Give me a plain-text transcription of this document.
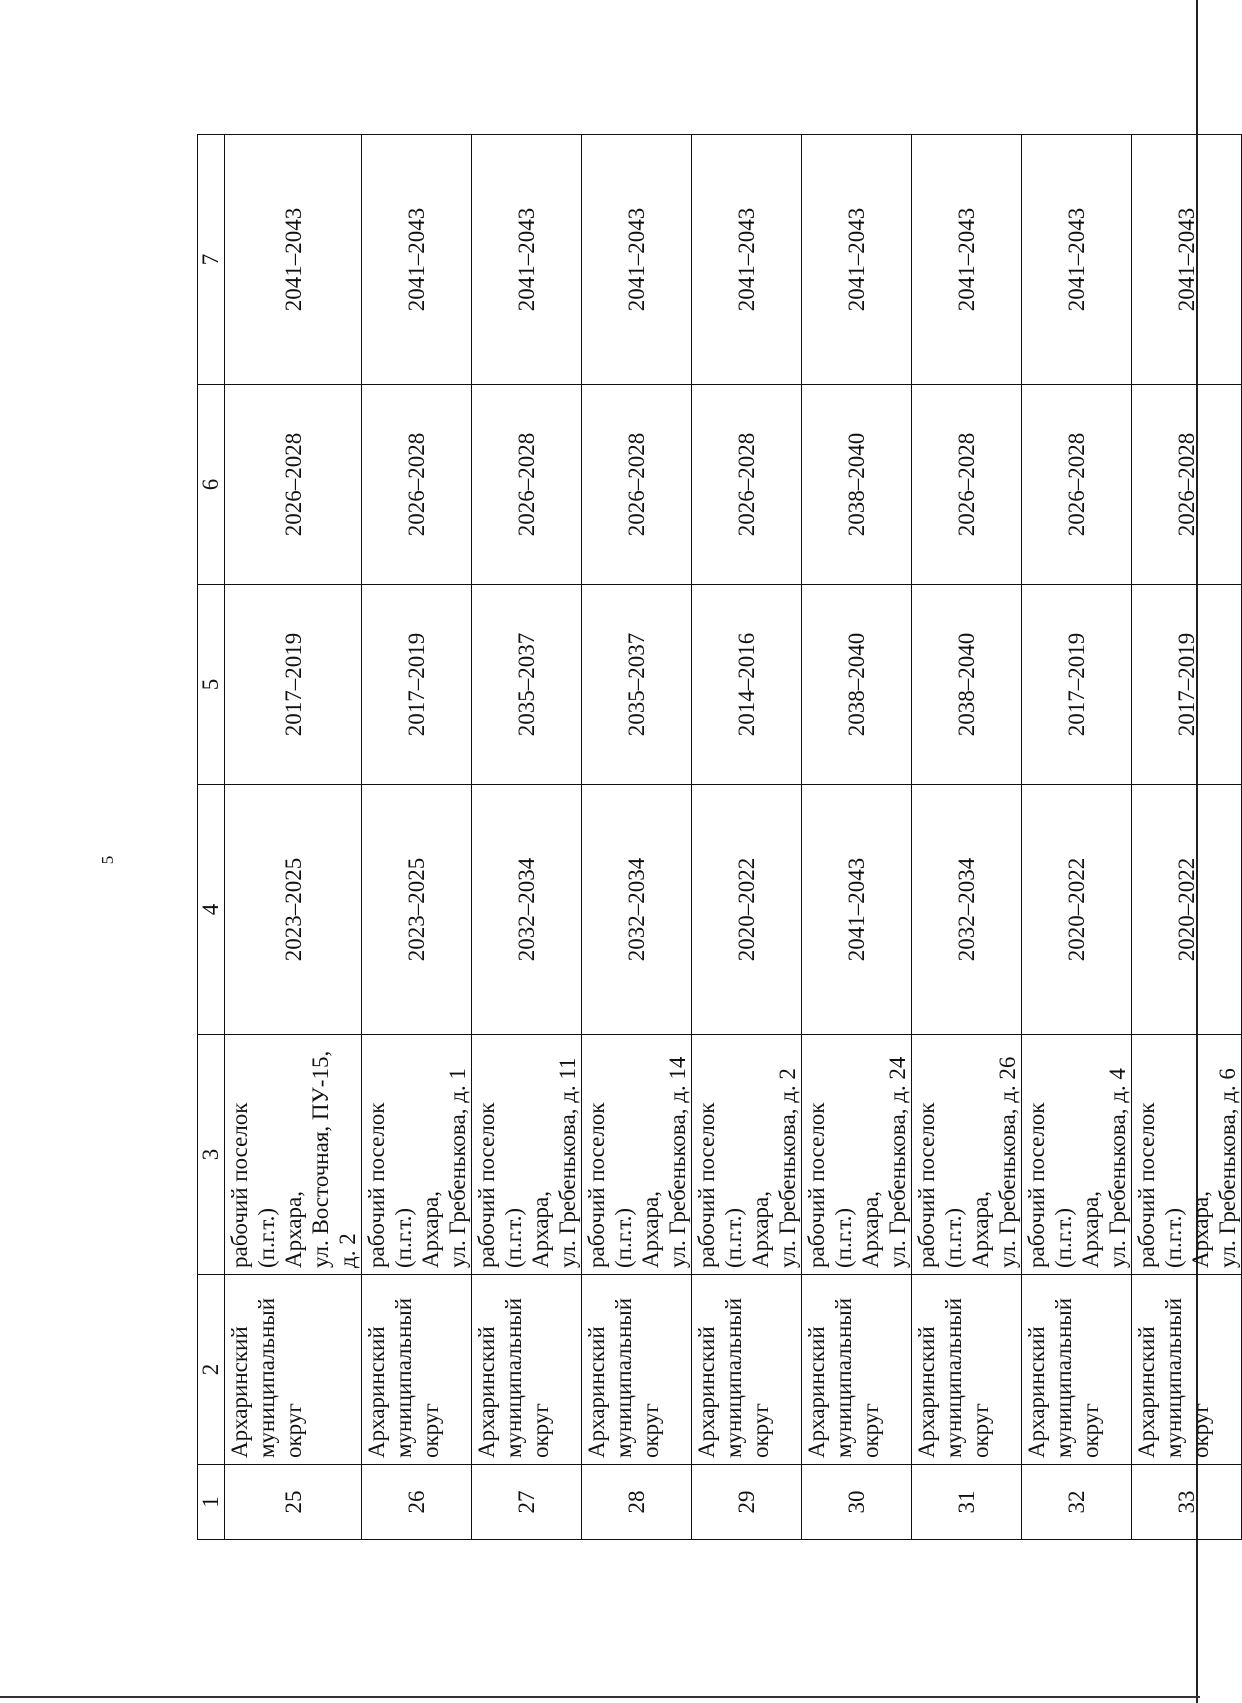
5
1	2	3	4	5	6	7
25	Архаринский муниципальный округ	рабочий поселок (п.г.т.) Архара, ул. Восточная, ПУ-15, д. 2	2023–2025	2017–2019	2026–2028	2041–2043
26	Архаринский муниципальный округ	рабочий поселок (п.г.т.) Архара, ул. Гребенькова, д. 1	2023–2025	2017–2019	2026–2028	2041–2043
27	Архаринский муниципальный округ	рабочий поселок (п.г.т.) Архара, ул. Гребенькова, д. 11	2032–2034	2035–2037	2026–2028	2041–2043
28	Архаринский муниципальный округ	рабочий поселок (п.г.т.) Архара, ул. Гребенькова, д. 14	2032–2034	2035–2037	2026–2028	2041–2043
29	Архаринский муниципальный округ	рабочий поселок (п.г.т.) Архара, ул. Гребенькова, д. 2	2020–2022	2014–2016	2026–2028	2041–2043
30	Архаринский муниципальный округ	рабочий поселок (п.г.т.) Архара, ул. Гребенькова, д. 24	2041–2043	2038–2040	2038–2040	2041–2043
31	Архаринский муниципальный округ	рабочий поселок (п.г.т.) Архара, ул. Гребенькова, д. 26	2032–2034	2038–2040	2026–2028	2041–2043
32	Архаринский муниципальный округ	рабочий поселок (п.г.т.) Архара, ул. Гребенькова, д. 4	2020–2022	2017–2019	2026–2028	2041–2043
33	Архаринский муниципальный округ	рабочий поселок (п.г.т.) Архара, ул. Гребенькова, д. 6	2020–2022	2017–2019	2026–2028	2041–2043
